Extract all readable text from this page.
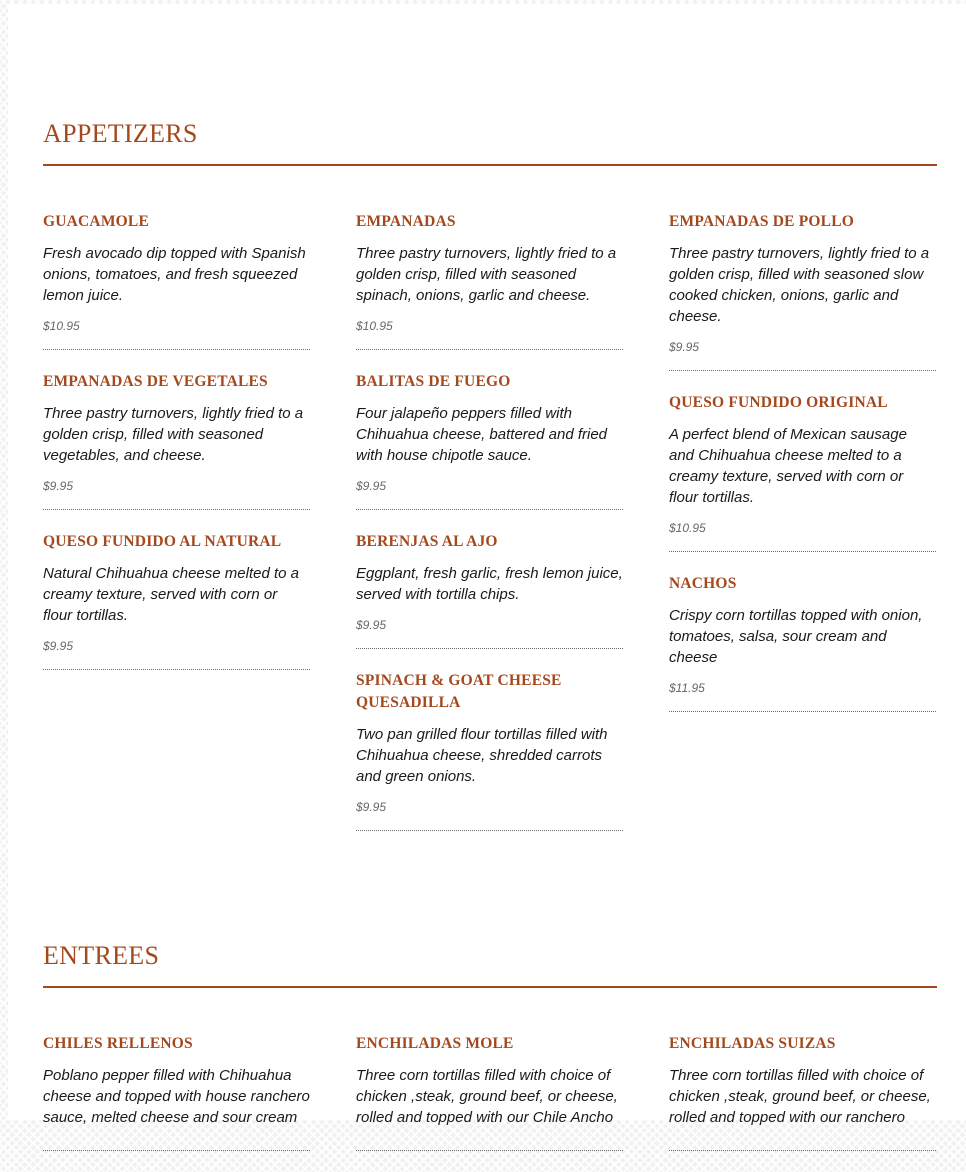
APPETIZERS
GUACAMOLE

Fresh avocado dip topped with Spanish onions, tomatoes, and fresh squeezed lemon juice.

$10.95

EMPANADAS DE VEGETALES

Three pastry turnovers, lightly fried to a golden crisp, filled with seasoned vegetables, and cheese.

$9.95

QUESO FUNDIDO AL NATURAL

Natural Chihuahua cheese melted to a creamy texture, served with corn or flour tortillas.

$9.95

EMPANADAS

Three pastry turnovers, lightly fried to a golden crisp, filled with seasoned spinach, onions, garlic and cheese.

$10.95

BALITAS DE FUEGO

Four jalapeño peppers filled with Chihuahua cheese, battered and fried with house chipotle sauce.

$9.95

BERENJAS AL AJO

Eggplant, fresh garlic, fresh lemon juice, served with tortilla chips.

$9.95

SPINACH & GOAT CHEESE QUESADILLA

Two pan grilled flour tortillas filled with Chihuahua cheese, shredded carrots and green onions.

$9.95

EMPANADAS DE POLLO

Three pastry turnovers, lightly fried to a golden crisp, filled with seasoned slow cooked chicken, onions, garlic and cheese.

$9.95

QUESO FUNDIDO ORIGINAL

A perfect blend of Mexican sausage and Chihuahua cheese melted to a creamy texture, served with corn or flour tortillas.

$10.95

NACHOS

Crispy corn tortillas topped with onion, tomatoes, salsa, sour cream and cheese

$11.95

ENTREES
CHILES RELLENOS

Poblano pepper filled with Chihuahua cheese and topped with house ranchero sauce, melted cheese and sour cream

ENCHILADAS MOLE

Three corn tortillas filled with choice of chicken ,steak, ground beef, or cheese, rolled and topped with our Chile Ancho

ENCHILADAS SUIZAS

Three corn tortillas filled with choice of chicken ,steak, ground beef, or cheese, rolled and topped with our ranchero
